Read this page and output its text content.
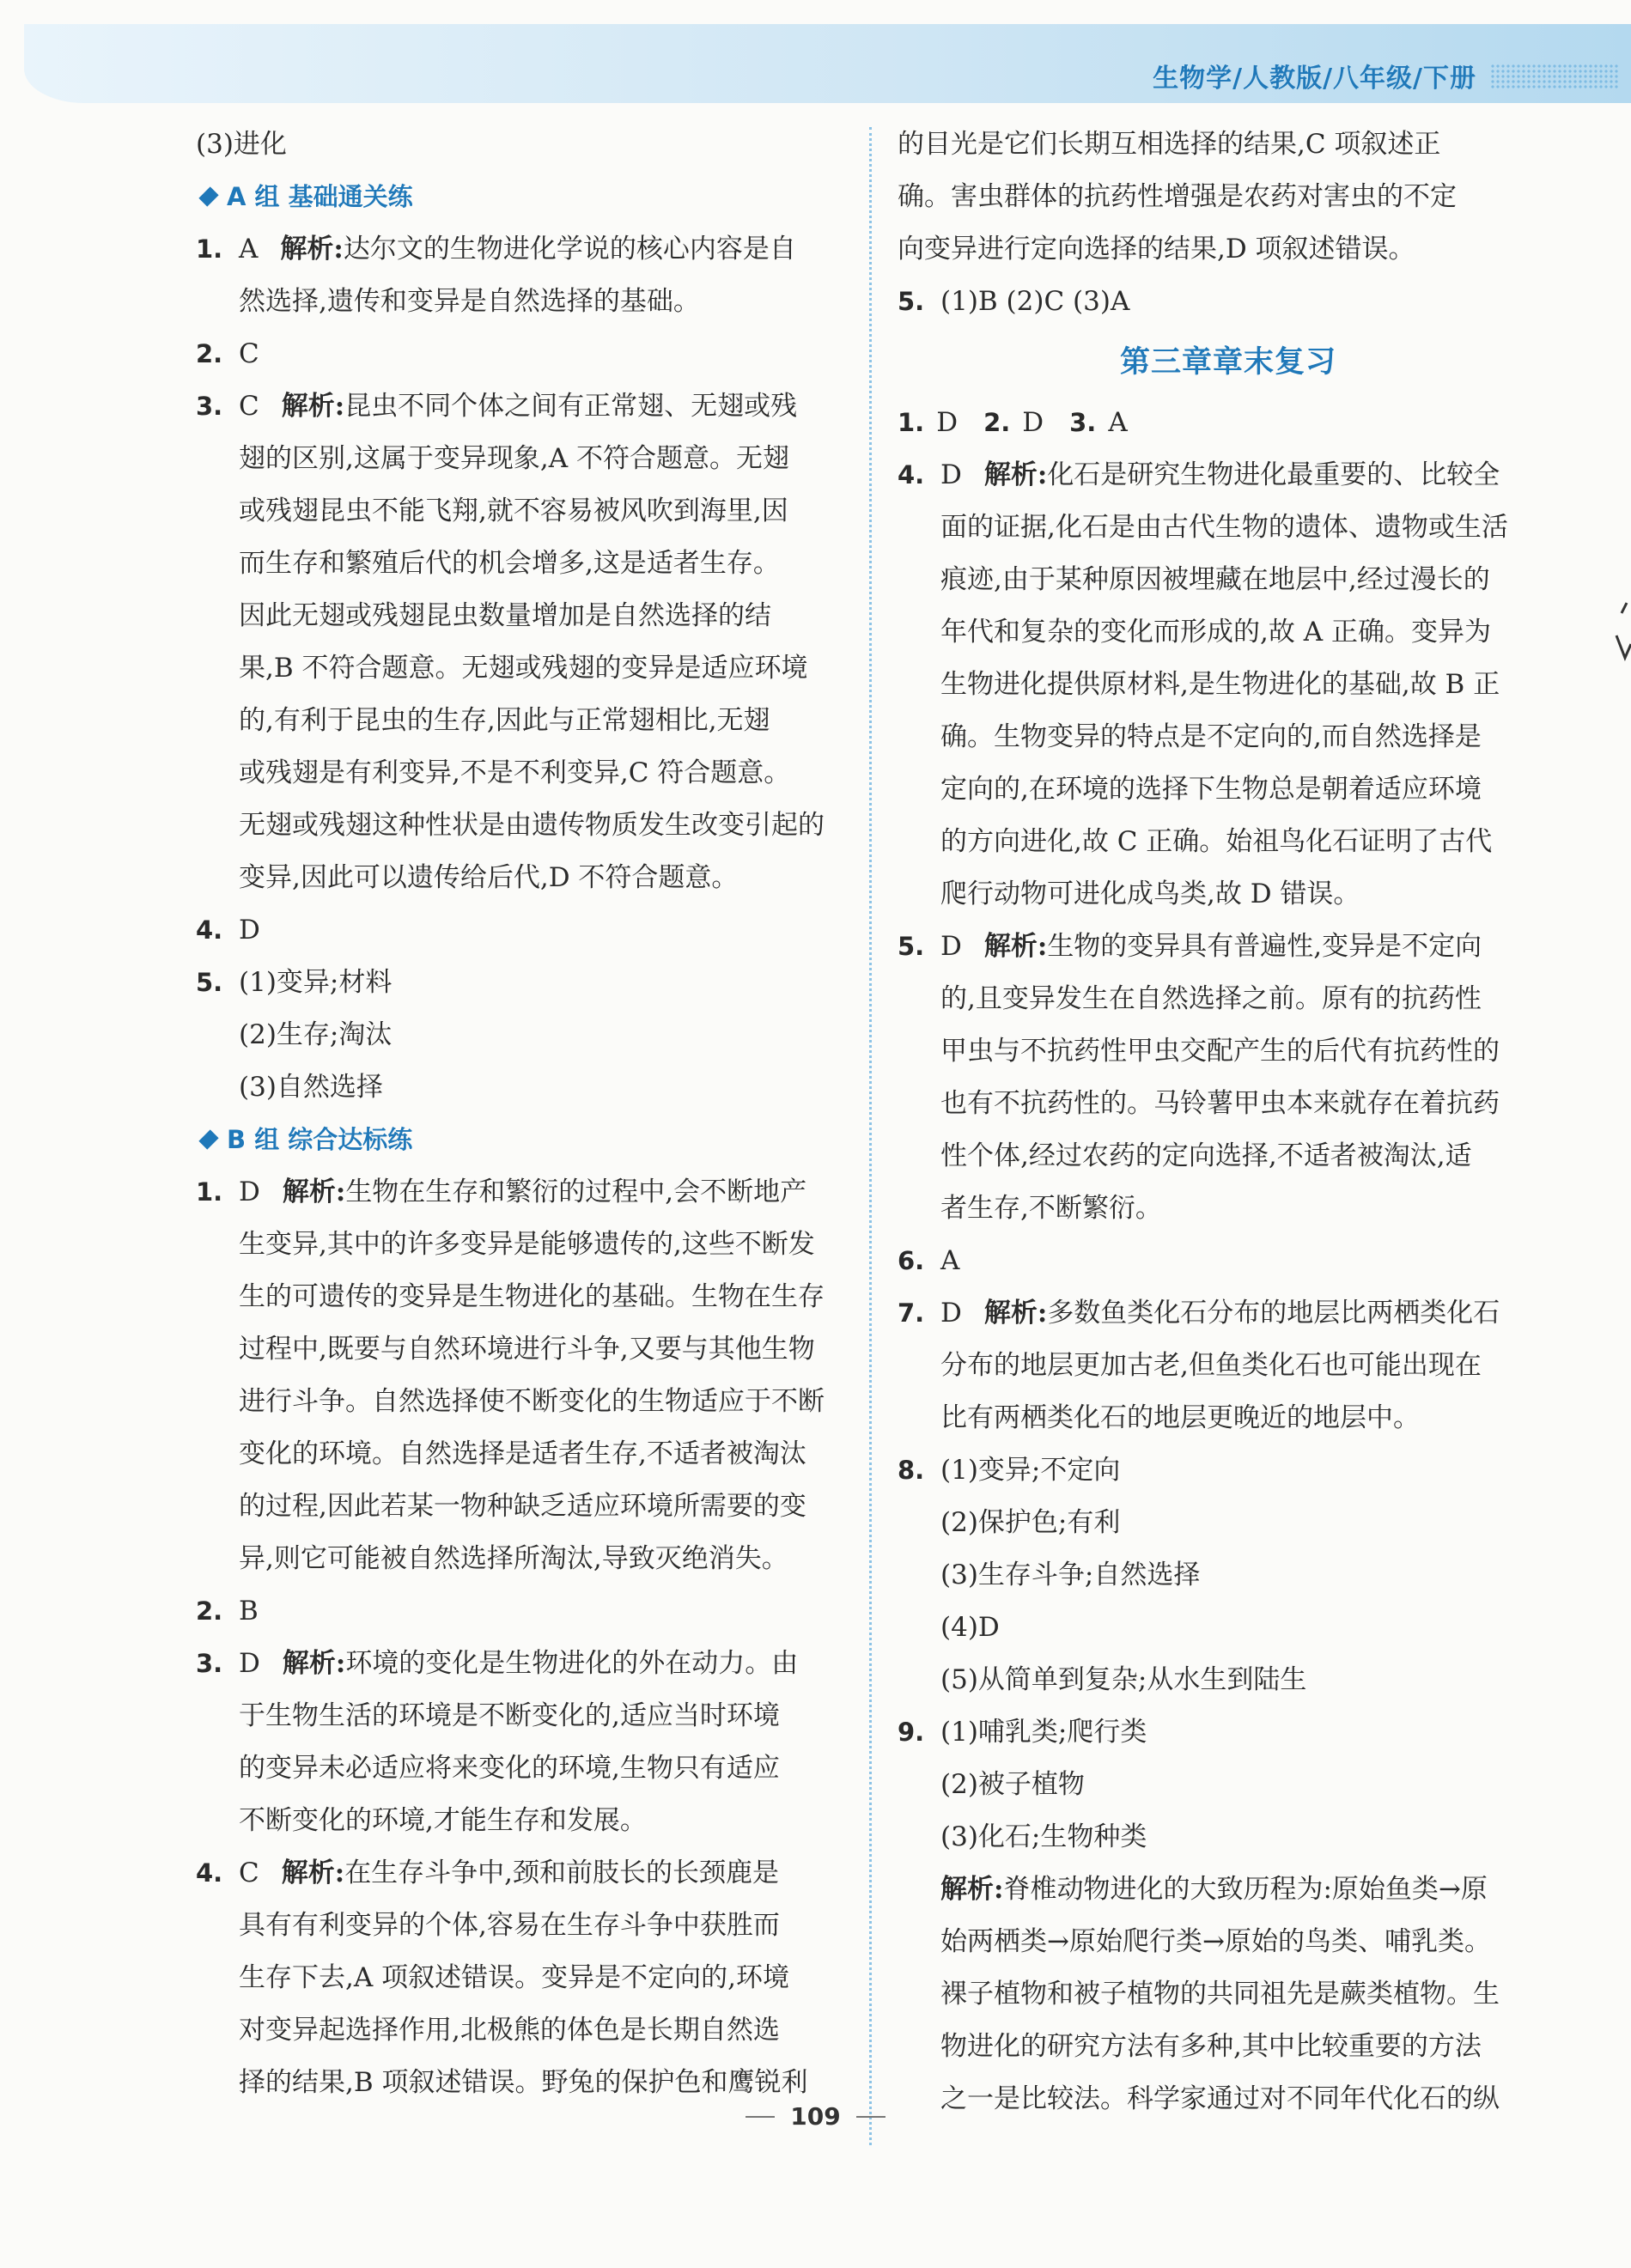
生物学/人教版/八年级/下册
(3)进化
A 组 基础通关练
1. A 解析:达尔文的生物进化学说的核心内容是自
然选择,遗传和变异是自然选择的基础。
2. C
3. C 解析:昆虫不同个体之间有正常翅、无翅或残
翅的区别,这属于变异现象,A 不符合题意。无翅
或残翅昆虫不能飞翔,就不容易被风吹到海里,因
而生存和繁殖后代的机会增多,这是适者生存。
因此无翅或残翅昆虫数量增加是自然选择的结
果,B 不符合题意。无翅或残翅的变异是适应环境
的,有利于昆虫的生存,因此与正常翅相比,无翅
或残翅是有利变异,不是不利变异,C 符合题意。
无翅或残翅这种性状是由遗传物质发生改变引起的
变异,因此可以遗传给后代,D 不符合题意。
4. D
5. (1)变异;材料
(2)生存;淘汰
(3)自然选择
B 组 综合达标练
1. D 解析:生物在生存和繁衍的过程中,会不断地产
生变异,其中的许多变异是能够遗传的,这些不断发
生的可遗传的变异是生物进化的基础。生物在生存
过程中,既要与自然环境进行斗争,又要与其他生物
进行斗争。自然选择使不断变化的生物适应于不断
变化的环境。自然选择是适者生存,不适者被淘汰
的过程,因此若某一物种缺乏适应环境所需要的变
异,则它可能被自然选择所淘汰,导致灭绝消失。
2. B
3. D 解析:环境的变化是生物进化的外在动力。由
于生物生活的环境是不断变化的,适应当时环境
的变异未必适应将来变化的环境,生物只有适应
不断变化的环境,才能生存和发展。
4. C 解析:在生存斗争中,颈和前肢长的长颈鹿是
具有有利变异的个体,容易在生存斗争中获胜而
生存下去,A 项叙述错误。变异是不定向的,环境
对变异起选择作用,北极熊的体色是长期自然选
择的结果,B 项叙述错误。野兔的保护色和鹰锐利
的目光是它们长期互相选择的结果,C 项叙述正
确。害虫群体的抗药性增强是农药对害虫的不定
向变异进行定向选择的结果,D 项叙述错误。
5. (1)B (2)C (3)A
第三章章末复习
1. D 2. D 3. A
4. D 解析:化石是研究生物进化最重要的、比较全
面的证据,化石是由古代生物的遗体、遗物或生活
痕迹,由于某种原因被埋藏在地层中,经过漫长的
年代和复杂的变化而形成的,故 A 正确。变异为
生物进化提供原材料,是生物进化的基础,故 B 正
确。生物变异的特点是不定向的,而自然选择是
定向的,在环境的选择下生物总是朝着适应环境
的方向进化,故 C 正确。始祖鸟化石证明了古代
爬行动物可进化成鸟类,故 D 错误。
5. D 解析:生物的变异具有普遍性,变异是不定向
的,且变异发生在自然选择之前。原有的抗药性
甲虫与不抗药性甲虫交配产生的后代有抗药性的
也有不抗药性的。马铃薯甲虫本来就存在着抗药
性个体,经过农药的定向选择,不适者被淘汰,适
者生存,不断繁衍。
6. A
7. D 解析:多数鱼类化石分布的地层比两栖类化石
分布的地层更加古老,但鱼类化石也可能出现在
比有两栖类化石的地层更晚近的地层中。
8. (1)变异;不定向
(2)保护色;有利
(3)生存斗争;自然选择
(4)D
(5)从简单到复杂;从水生到陆生
9. (1)哺乳类;爬行类
(2)被子植物
(3)化石;生物种类
解析:脊椎动物进化的大致历程为:原始鱼类→原
始两栖类→原始爬行类→原始的鸟类、哺乳类。
裸子植物和被子植物的共同祖先是蕨类植物。生
物进化的研究方法有多种,其中比较重要的方法
之一是比较法。科学家通过对不同年代化石的纵
109
